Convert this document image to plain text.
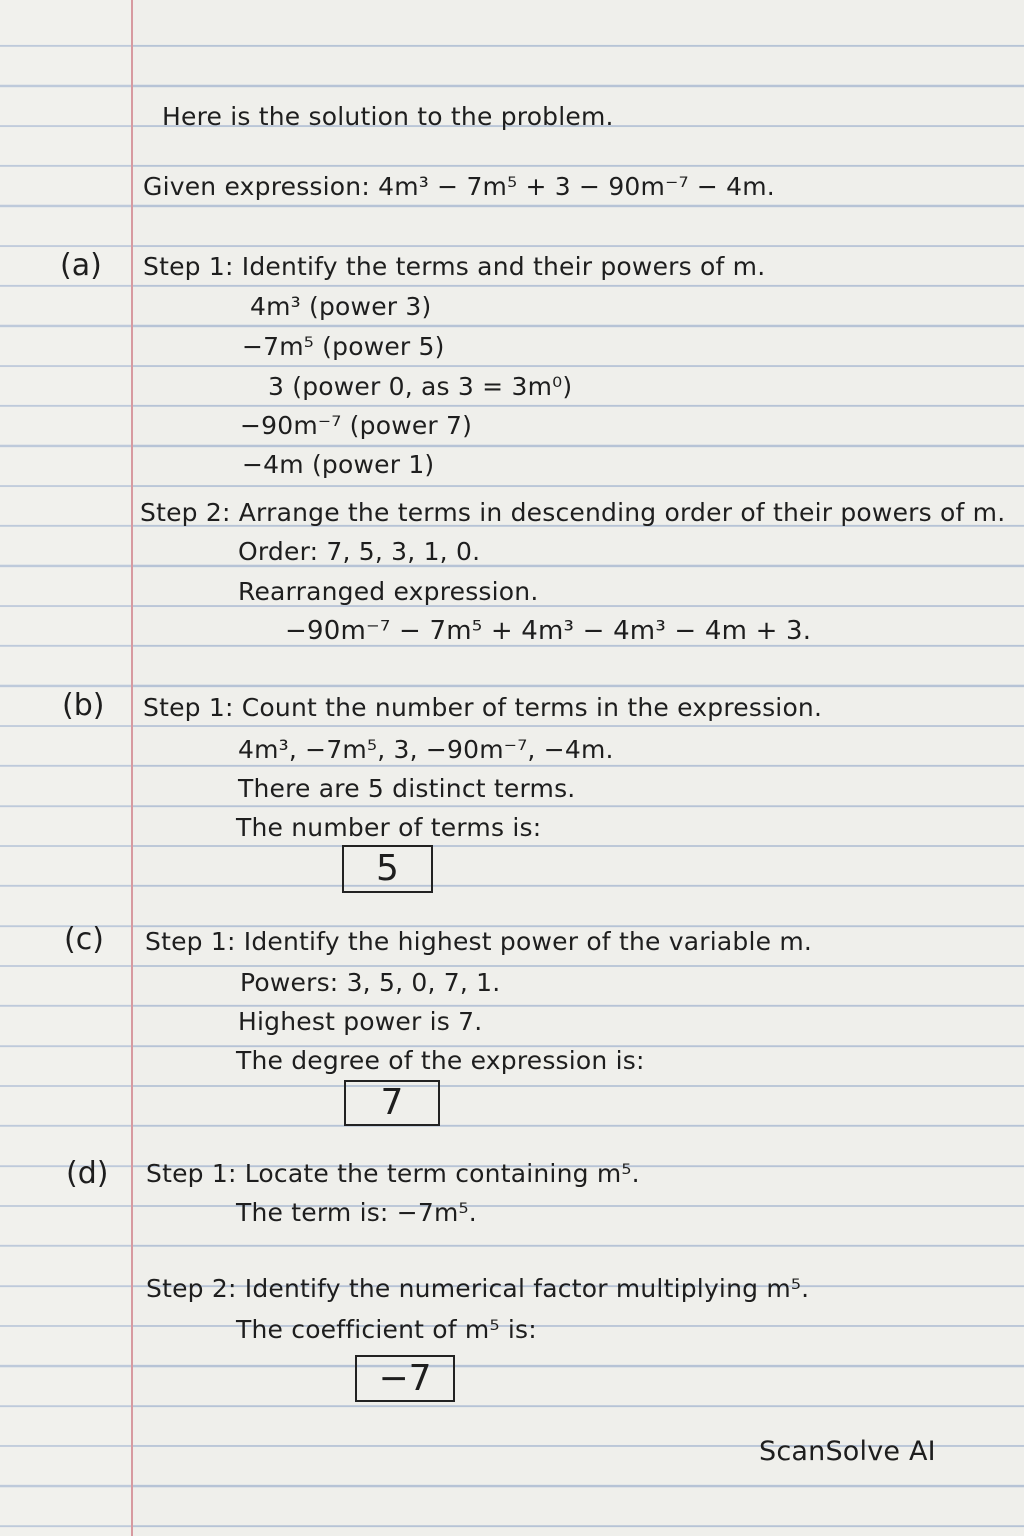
Here is the solution to the problem.
Given expression: 4m³ − 7m⁵ + 3 − 90m⁻⁷ − 4m.
(a) Step 1: Identify the terms and their powers of m.
4m³ (power 3)
−7m⁵ (power 5)
3 (power 0, as 3 = 3m⁰)
−90m⁻⁷ (power 7)
−4m (power 1)
Step 2: Arrange the terms in descending order of their powers of m.
Order: 7, 5, 3, 1, 0.
Rearranged expression.
−90m⁻⁷ − 7m⁵ + 4m³ − 4m³ − 4m + 3.
(b) Step 1: Count the number of terms in the expression.
4m³, −7m⁵, 3, −90m⁻⁷, −4m.
There are 5 distinct terms.
The number of terms is:
5
(c) Step 1: Identify the highest power of the variable m.
Powers: 3, 5, 0, 7, 1.
Highest power is 7.
The degree of the expression is:
7
(d) Step 1: Locate the term containing m⁵.
The term is: −7m⁵.
Step 2: Identify the numerical factor multiplying m⁵.
The coefficient of m⁵ is:
−7
ScanSolve AI
